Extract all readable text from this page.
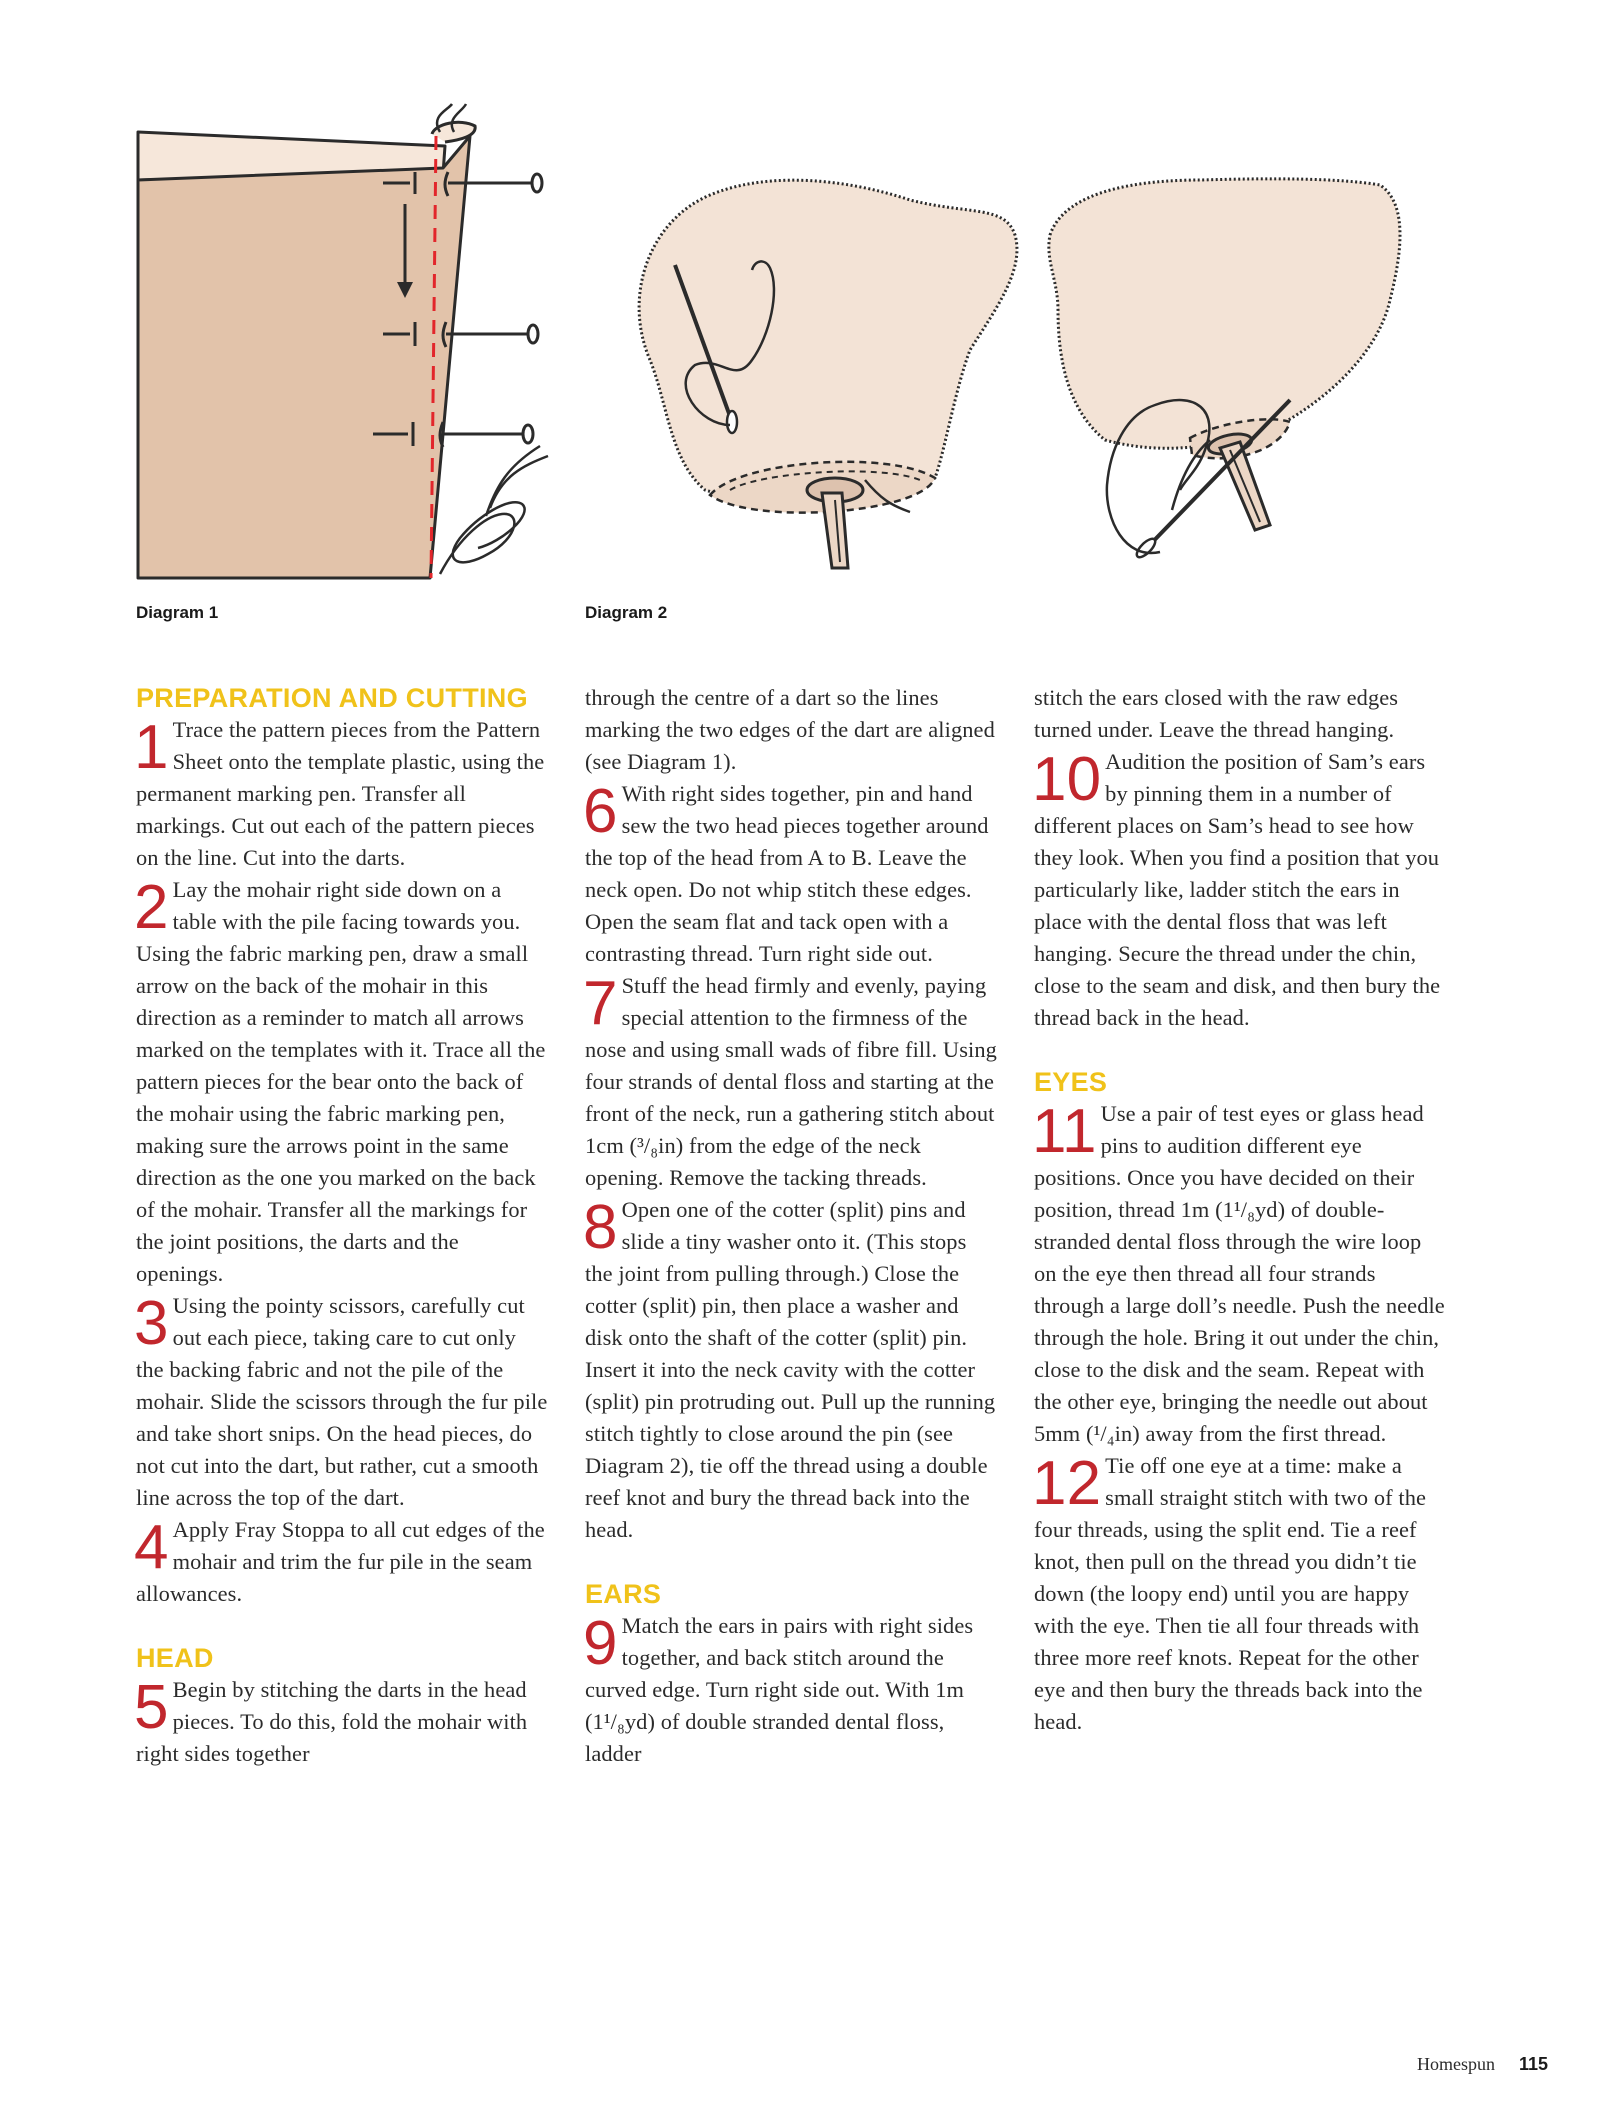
Diagram 1	Diagram 2
PREPARATION AND CUTTING

1 Trace the pattern pieces from the Pattern Sheet onto the template plastic, using the permanent marking pen. Transfer all markings. Cut out each of the pattern pieces on the line. Cut into the darts.

2 Lay the mohair right side down on a table with the pile facing towards you. Using the fabric marking pen, draw a small arrow on the back of the mohair in this direction as a reminder to match all arrows marked on the templates with it. Trace all the pattern pieces for the bear onto the back of the mohair using the fabric marking pen, making sure the arrows point in the same direction as the one you marked on the back of the mohair. Transfer all the markings for the joint positions, the darts and the openings.

3 Using the pointy scissors, carefully cut out each piece, taking care to cut only the backing fabric and not the pile of the mohair. Slide the scissors through the fur pile and take short snips. On the head pieces, do not cut into the dart, but rather, cut a smooth line across the top of the dart.

4 Apply Fray Stoppa to all cut edges of the mohair and trim the fur pile in the seam allowances.

HEAD

5 Begin by stitching the darts in the head pieces. To do this, fold the mohair with right sides together

through the centre of a dart so the lines marking the two edges of the dart are aligned (see Diagram 1).

6 With right sides together, pin and hand sew the two head pieces together around the top of the head from A to B. Leave the neck open. Do not whip stitch these edges. Open the seam flat and tack open with a contrasting thread. Turn right side out.

7 Stuff the head firmly and evenly, paying special attention to the firmness of the nose and using small wads of fibre fill. Using four strands of dental floss and starting at the front of the neck, run a gathering stitch about 1cm (³/₈in) from the edge of the neck opening. Remove the tacking threads.

8 Open one of the cotter (split) pins and slide a tiny washer onto it. (This stops the joint from pulling through.) Close the cotter (split) pin, then place a washer and disk onto the shaft of the cotter (split) pin. Insert it into the neck cavity with the cotter (split) pin protruding out. Pull up the running stitch tightly to close around the pin (see Diagram 2), tie off the thread using a double reef knot and bury the thread back into the head.

EARS

9 Match the ears in pairs with right sides together, and back stitch around the curved edge. Turn right side out. With 1m (1¹/₈yd) of double stranded dental floss, ladder

stitch the ears closed with the raw edges turned under. Leave the thread hanging.

10 Audition the position of Sam’s ears by pinning them in a number of different places on Sam’s head to see how they look. When you find a position that you particularly like, ladder stitch the ears in place with the dental floss that was left hanging. Secure the thread under the chin, close to the seam and disk, and then bury the thread back in the head.

EYES

11 Use a pair of test eyes or glass head pins to audition different eye positions. Once you have decided on their position, thread 1m (1¹/₈yd) of double-stranded dental floss through the wire loop on the eye then thread all four strands through a large doll’s needle. Push the needle through the hole. Bring it out under the chin, close to the disk and the seam. Repeat with the other eye, bringing the needle out about 5mm (¹/₄in) away from the first thread.

12 Tie off one eye at a time: make a small straight stitch with two of the four threads, using the split end. Tie a reef knot, then pull on the thread you didn’t tie down (the loopy end) until you are happy with the eye. Then tie all four threads with three more reef knots. Repeat for the other eye and then bury the threads back into the head.

Homespun 115
